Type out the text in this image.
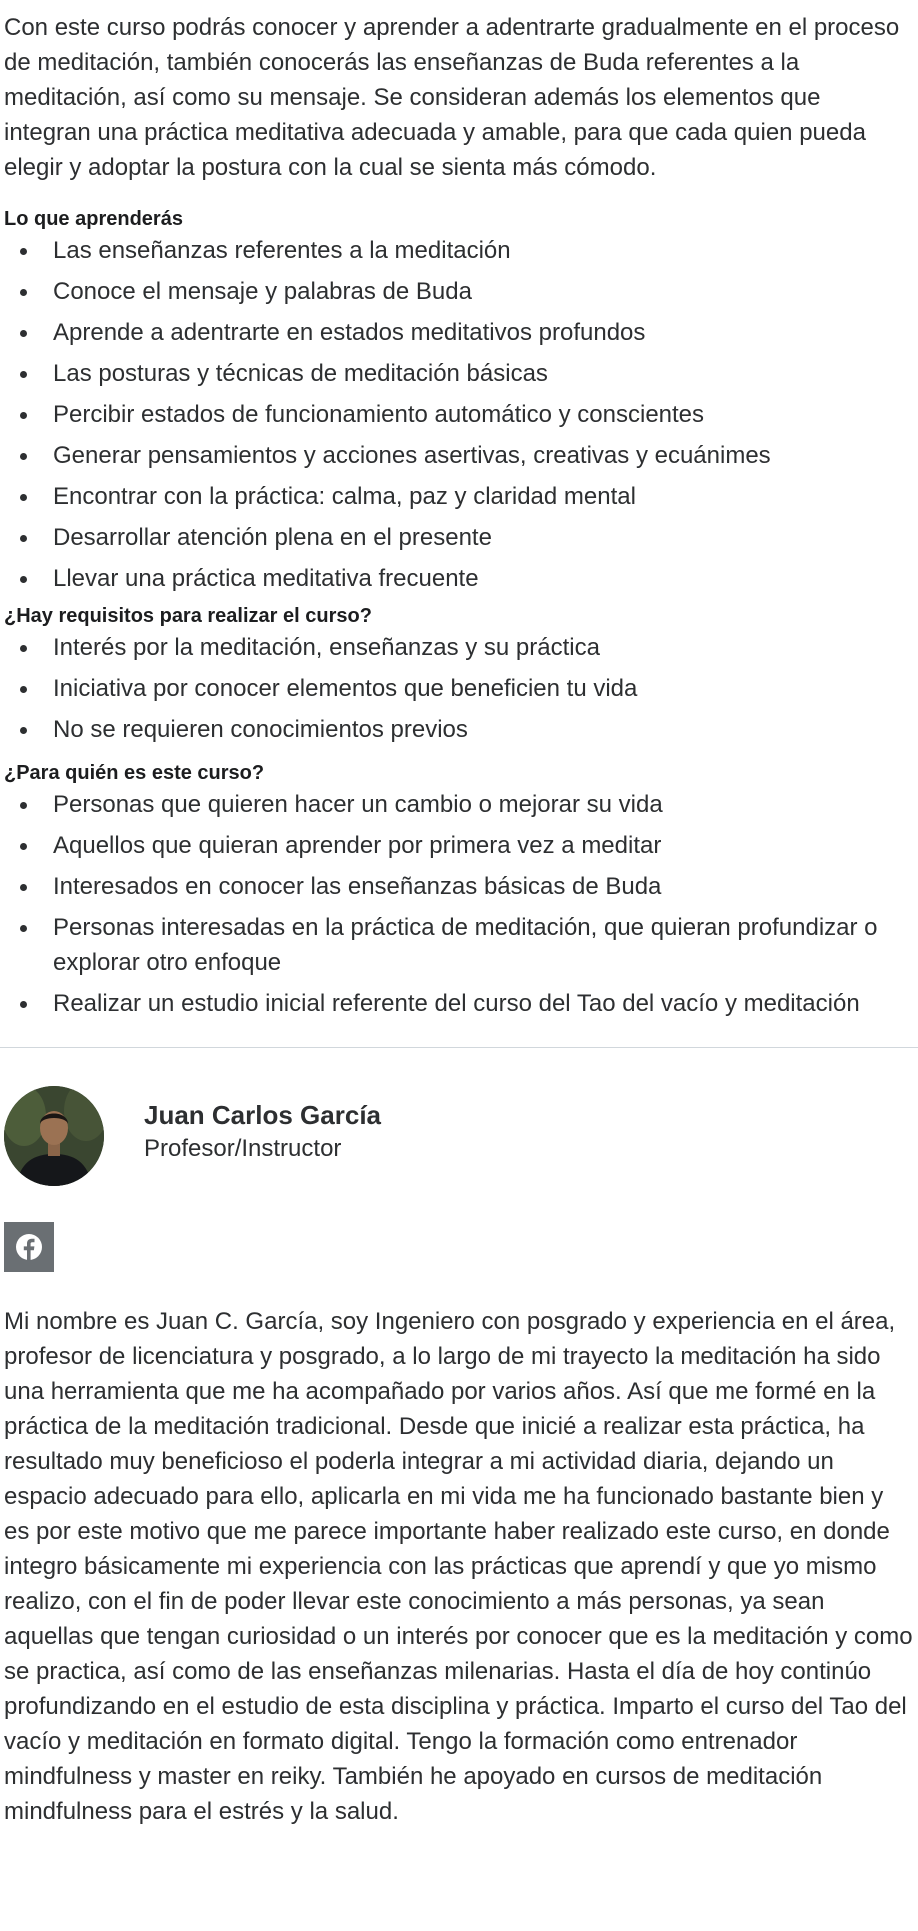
Con este curso podrás conocer y aprender a adentrarte gradualmente en el proceso de meditación, también conocerás las enseñanzas de Buda referentes a la meditación, así como su mensaje. Se consideran además los elementos que integran una práctica meditativa adecuada y amable, para que cada quien pueda elegir y adoptar la postura con la cual se sienta más cómodo.

Lo que aprenderás
Las enseñanzas referentes a la meditación
Conoce el mensaje y palabras de Buda
Aprende a adentrarte en estados meditativos profundos
Las posturas y técnicas de meditación básicas
Percibir estados de funcionamiento automático y conscientes
Generar pensamientos y acciones asertivas, creativas y ecuánimes
Encontrar con la práctica: calma, paz y claridad mental
Desarrollar atención plena en el presente
Llevar una práctica meditativa frecuente
¿Hay requisitos para realizar el curso?
Interés por la meditación, enseñanzas y su práctica
Iniciativa por conocer elementos que beneficien tu vida
No se requieren conocimientos previos
¿Para quién es este curso?
Personas que quieren hacer un cambio o mejorar su vida
Aquellos que quieran aprender por primera vez a meditar
Interesados en conocer las enseñanzas básicas de Buda
Personas interesadas en la práctica de meditación, que quieran profundizar o explorar otro enfoque
Realizar un estudio inicial referente del curso del Tao del vacío y meditación

Juan Carlos García

Profesor/Instructor

Mi nombre es Juan C. García, soy Ingeniero con posgrado y experiencia en el área, profesor de licenciatura y posgrado, a lo largo de mi trayecto la meditación ha sido una herramienta que me ha acompañado por varios años. Así que me formé en la práctica de la meditación tradicional. Desde que inicié a realizar esta práctica, ha resultado muy beneficioso el poderla integrar a mi actividad diaria, dejando un espacio adecuado para ello, aplicarla en mi vida me ha funcionado bastante bien y es por este motivo que me parece importante haber realizado este curso, en donde integro básicamente mi experiencia con las prácticas que aprendí y que yo mismo realizo, con el fin de poder llevar este conocimiento a más personas, ya sean aquellas que tengan curiosidad o un interés por conocer que es la meditación y como se practica, así como de las enseñanzas milenarias. Hasta el día de hoy continúo profundizando en el estudio de esta disciplina y práctica. Imparto el curso del Tao del vacío y meditación en formato digital. Tengo la formación como entrenador mindfulness y master en reiky. También he apoyado en cursos de meditación mindfulness para el estrés y la salud.
